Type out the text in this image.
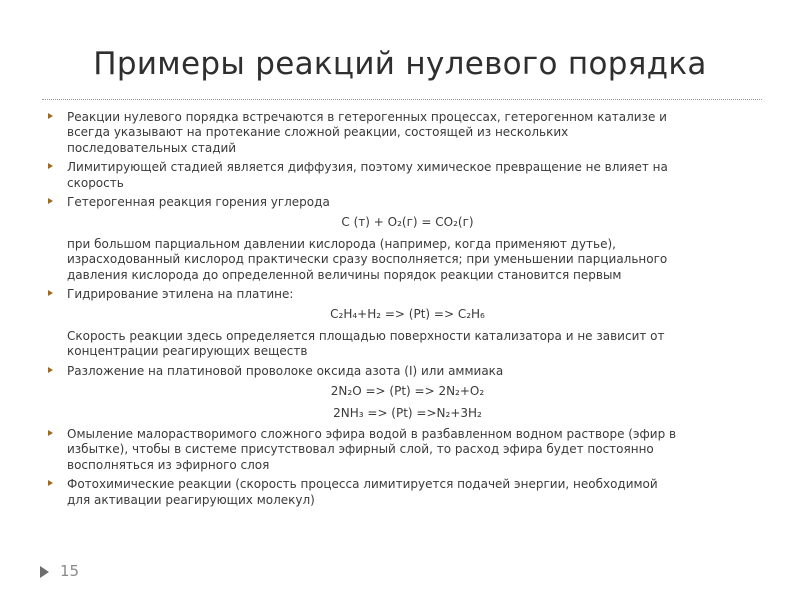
Примеры реакций нулевого порядка
Реакции нулевого порядка встречаются в гетерогенных процессах, гетерогенном катализе и
всегда указывают на протекание сложной реакции, состоящей из нескольких
последовательных стадий
Лимитирующей стадией является диффузия, поэтому химическое превращение не влияет на
скорость
Гетерогенная реакция горения углерода
С (т) + О₂(г) = СО₂(г)
при большом парциальном давлении кислорода (например, когда применяют дутье),
израсходованный кислород практически сразу восполняется; при уменьшении парциального
давления кислорода до определенной величины порядок реакции становится первым
Гидрирование этилена на платине:
С₂Н₄+Н₂ => (Pt) => С₂Н₆
Скорость реакции здесь определяется площадью поверхности катализатора и не зависит от
концентрации реагирующих веществ
Разложение на платиновой проволоке оксида азота (I) или аммиака
2N₂O => (Pt) => 2N₂+O₂
2NH₃ => (Pt) =>N₂+3H₂
Омыление малорастворимого сложного эфира водой в разбавленном водном растворе (эфир в
избытке), чтобы в системе присутствовал эфирный слой, то расход эфира будет постоянно
восполняться из эфирного слоя
Фотохимические реакции (скорость процесса лимитируется подачей энергии, необходимой
для активации реагирующих молекул)
15
